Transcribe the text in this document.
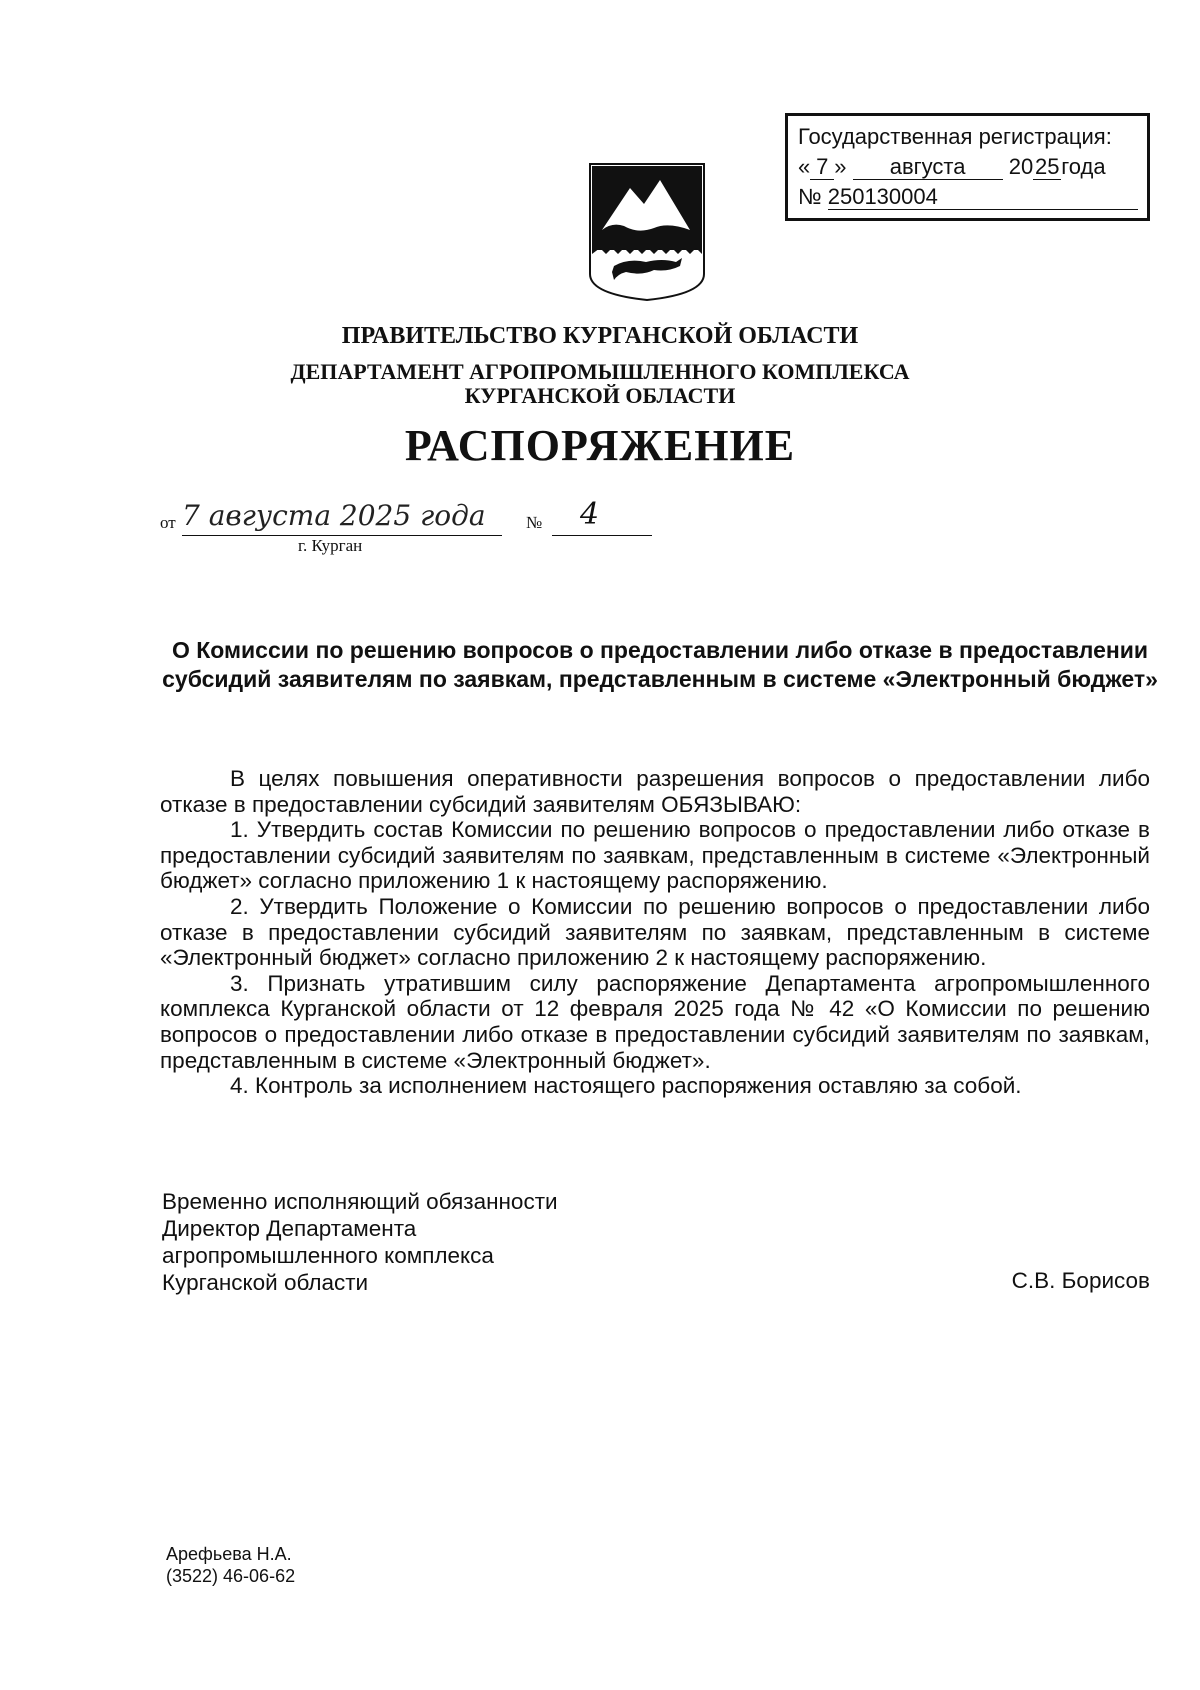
Государственная регистрация:
« 7 » августа 2025года
№ 250130004
ПРАВИТЕЛЬСТВО КУРГАНСКОЙ ОБЛАСТИ
ДЕПАРТАМЕНТ АГРОПРОМЫШЛЕННОГО КОМПЛЕКСА
КУРГАНСКОЙ ОБЛАСТИ
РАСПОРЯЖЕНИЕ
от 7 августа 2025 года	№ 4
г. Курган
О Комиссии по решению вопросов о предоставлении либо отказе в предоставлении субсидий заявителям по заявкам, представленным в системе «Электронный бюджет»

В целях повышения оперативности разрешения вопросов о предоставлении либо отказе в предоставлении субсидий заявителям ОБЯЗЫВАЮ:

1. Утвердить состав Комиссии по решению вопросов о предоставлении либо отказе в предоставлении субсидий заявителям по заявкам, представленным в системе «Электронный бюджет» согласно приложению 1 к настоящему распоряжению.

2. Утвердить Положение о Комиссии по решению вопросов о предоставлении либо отказе в предоставлении субсидий заявителям по заявкам, представленным в системе «Электронный бюджет» согласно приложению 2 к настоящему распоряжению.

3. Признать утратившим силу распоряжение Департамента агропромышленного комплекса Курганской области от 12 февраля 2025 года № 42 «О Комиссии по решению вопросов о предоставлении либо отказе в предоставлении субсидий заявителям по заявкам, представленным в системе «Электронный бюджет».

4. Контроль за исполнением настоящего распоряжения оставляю за собой.

Временно исполняющий обязанности
Директор Департамента
агропромышленного комплекса
Курганской области	С.В. Борисов
Арефьева Н.А.
(3522) 46-06-62
